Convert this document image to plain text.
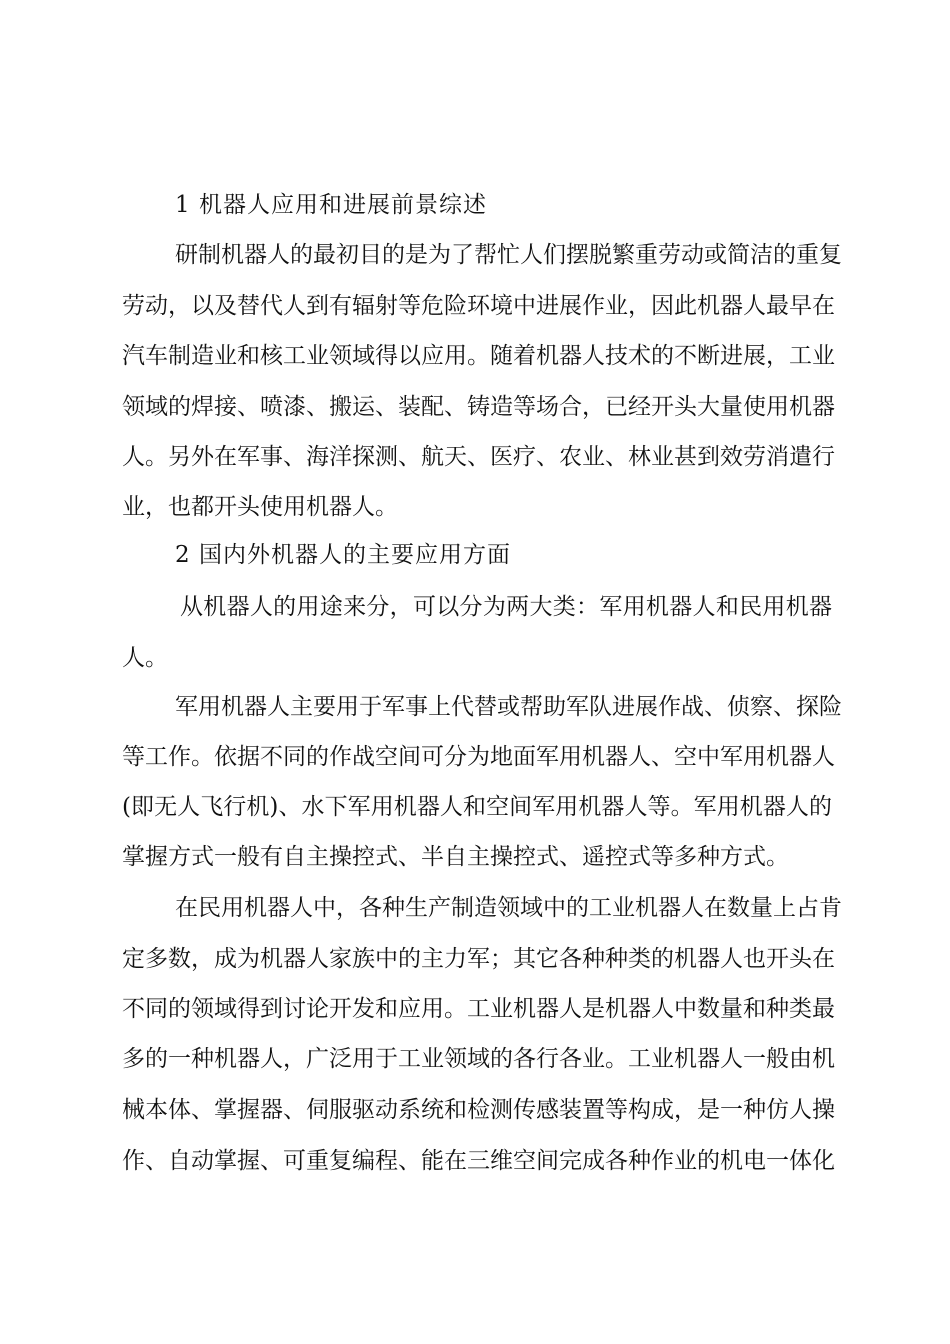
1 机器人应用和进展前景综述
研制机器人的最初目的是为了帮忙人们摆脱繁重劳动或简洁的重复
劳动，以及替代人到有辐射等危险环境中进展作业，因此机器人最早在
汽车制造业和核工业领域得以应用。随着机器人技术的不断进展，工业
领域的焊接、喷漆、搬运、装配、铸造等场合，已经开头大量使用机器
人。另外在军事、海洋探测、航天、医疗、农业、林业甚到效劳消遣行
业，也都开头使用机器人。
2 国内外机器人的主要应用方面
从机器人的用途来分，可以分为两大类：军用机器人和民用机器
人。
军用机器人主要用于军事上代替或帮助军队进展作战、侦察、探险
等工作。依据不同的作战空间可分为地面军用机器人、空中军用机器人
(即无人飞行机)、水下军用机器人和空间军用机器人等。军用机器人的
掌握方式一般有自主操控式、半自主操控式、遥控式等多种方式。
在民用机器人中，各种生产制造领域中的工业机器人在数量上占肯
定多数，成为机器人家族中的主力军；其它各种种类的机器人也开头在
不同的领域得到讨论开发和应用。工业机器人是机器人中数量和种类最
多的一种机器人，广泛用于工业领域的各行各业。工业机器人一般由机
械本体、掌握器、伺服驱动系统和检测传感装置等构成，是一种仿人操
作、自动掌握、可重复编程、能在三维空间完成各种作业的机电一体化
